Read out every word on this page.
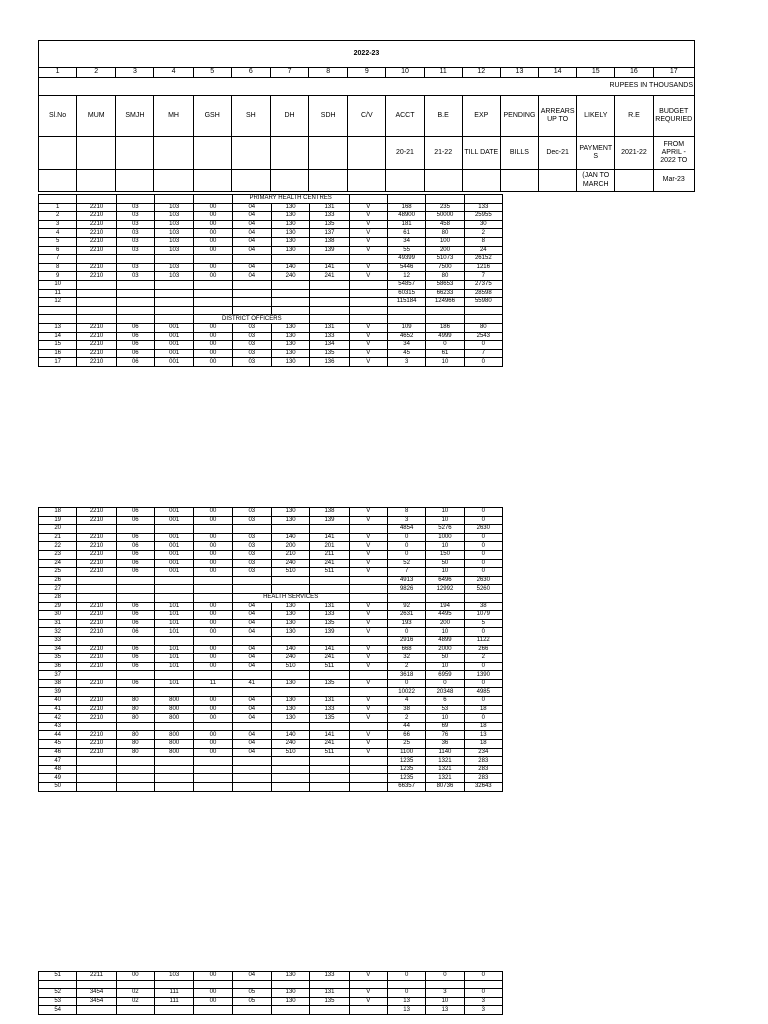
2022-23																
1	2	3	4	5	6	7	8	9	10	11	12	13	14	15	16	17
RUPEES IN THOUSANDS																
Sl.No	MUM	SMJH	MH	GSH	SH	DH	SDH	C/V	ACCT	B.E	EXP	PENDING	ARREARS UP TO	LIKELY	R.E	BUDGET REQURIED
									20-21	21-22	TILL DATE	BILLS	Dec-21	PAYMENT S	2021-22	FROM APRIL - 2022 TO
														(JAN TO MARCH		Mar-23
					PRIMARY HEALTH CENTRES						
1	2210	03	103	00	04	130	131	V	168	235	133
2	2210	03	103	00	04	130	133	V	48900	50000	25955
3	2210	03	103	00	04	130	135	V	181	458	30
4	2210	03	103	00	04	130	137	V	61	80	2
5	2210	03	103	00	04	130	138	V	34	100	8
6	2210	03	103	00	04	130	139	V	55	200	24
7									49399	51073	26152
8	2210	03	103	00	04	140	141	V	5446	7500	1216
9	2210	03	103	00	04	240	241	V	12	80	7
10									54857	58653	27375
11									60315	66233	28598
12									115184	124966	55980

				DISTRICT OFFICERS							
13	2210	06	001	00	03	130	131	V	109	186	80
14	2210	06	001	00	03	130	133	V	4652	4999	2543
15	2210	06	001	00	03	130	134	V	34	0	0
16	2210	06	001	00	03	130	135	V	45	61	7
17	2210	06	001	00	03	130	136	V	3	10	0
18	2210	06	001	00	03	130	138	V	8	10	0
19	2210	06	001	00	03	130	139	V	3	10	0
20									4854	5276	2630
21	2210	06	001	00	03	140	141	V	0	1000	0
22	2210	06	001	00	03	200	201	V	0	10	0
23	2210	06	001	00	03	210	211	V	0	150	0
24	2210	06	001	00	03	240	241	V	52	50	0
25	2210	06	001	00	03	510	511	V	7	10	0
26									4913	6496	2630
27									9826	12992	5260
28					HEALTH SERVICES						
29	2210	06	101	00	04	130	131	V	92	194	38
30	2210	06	101	00	04	130	133	V	2631	4495	1079
31	2210	06	101	00	04	130	135	V	193	200	5
32	2210	06	101	00	04	130	139	V	0	10	0
33									2916	4899	1122
34	2210	06	101	00	04	140	141	V	668	2000	266
35	2210	06	101	00	04	240	241	V	32	50	2
36	2210	06	101	00	04	510	511	V	2	10	0
37									3618	6959	1390
38	2210	06	101	11	41	130	135	V	0	0	0
39									10022	20348	4985
40	2210	80	800	00	04	130	131	V	4	6	0
41	2210	80	800	00	04	130	133	V	38	53	18
42	2210	80	800	00	04	130	135	V	2	10	0
43									44	69	18
44	2210	80	800	00	04	140	141	V	66	76	13
45	2210	80	800	00	04	240	241	V	25	36	18
46	2210	80	800	00	04	510	511	V	1100	1140	234
47									1235	1321	283
48									1235	1321	283
49									1235	1321	283
50									66357	80736	32643
51	2211	00	103	00	04	130	133	V	0	0	0

52	3454	02	111	00	05	130	131	V	0	3	0
53	3454	02	111	00	05	130	135	V	13	10	3
54									13	13	3
